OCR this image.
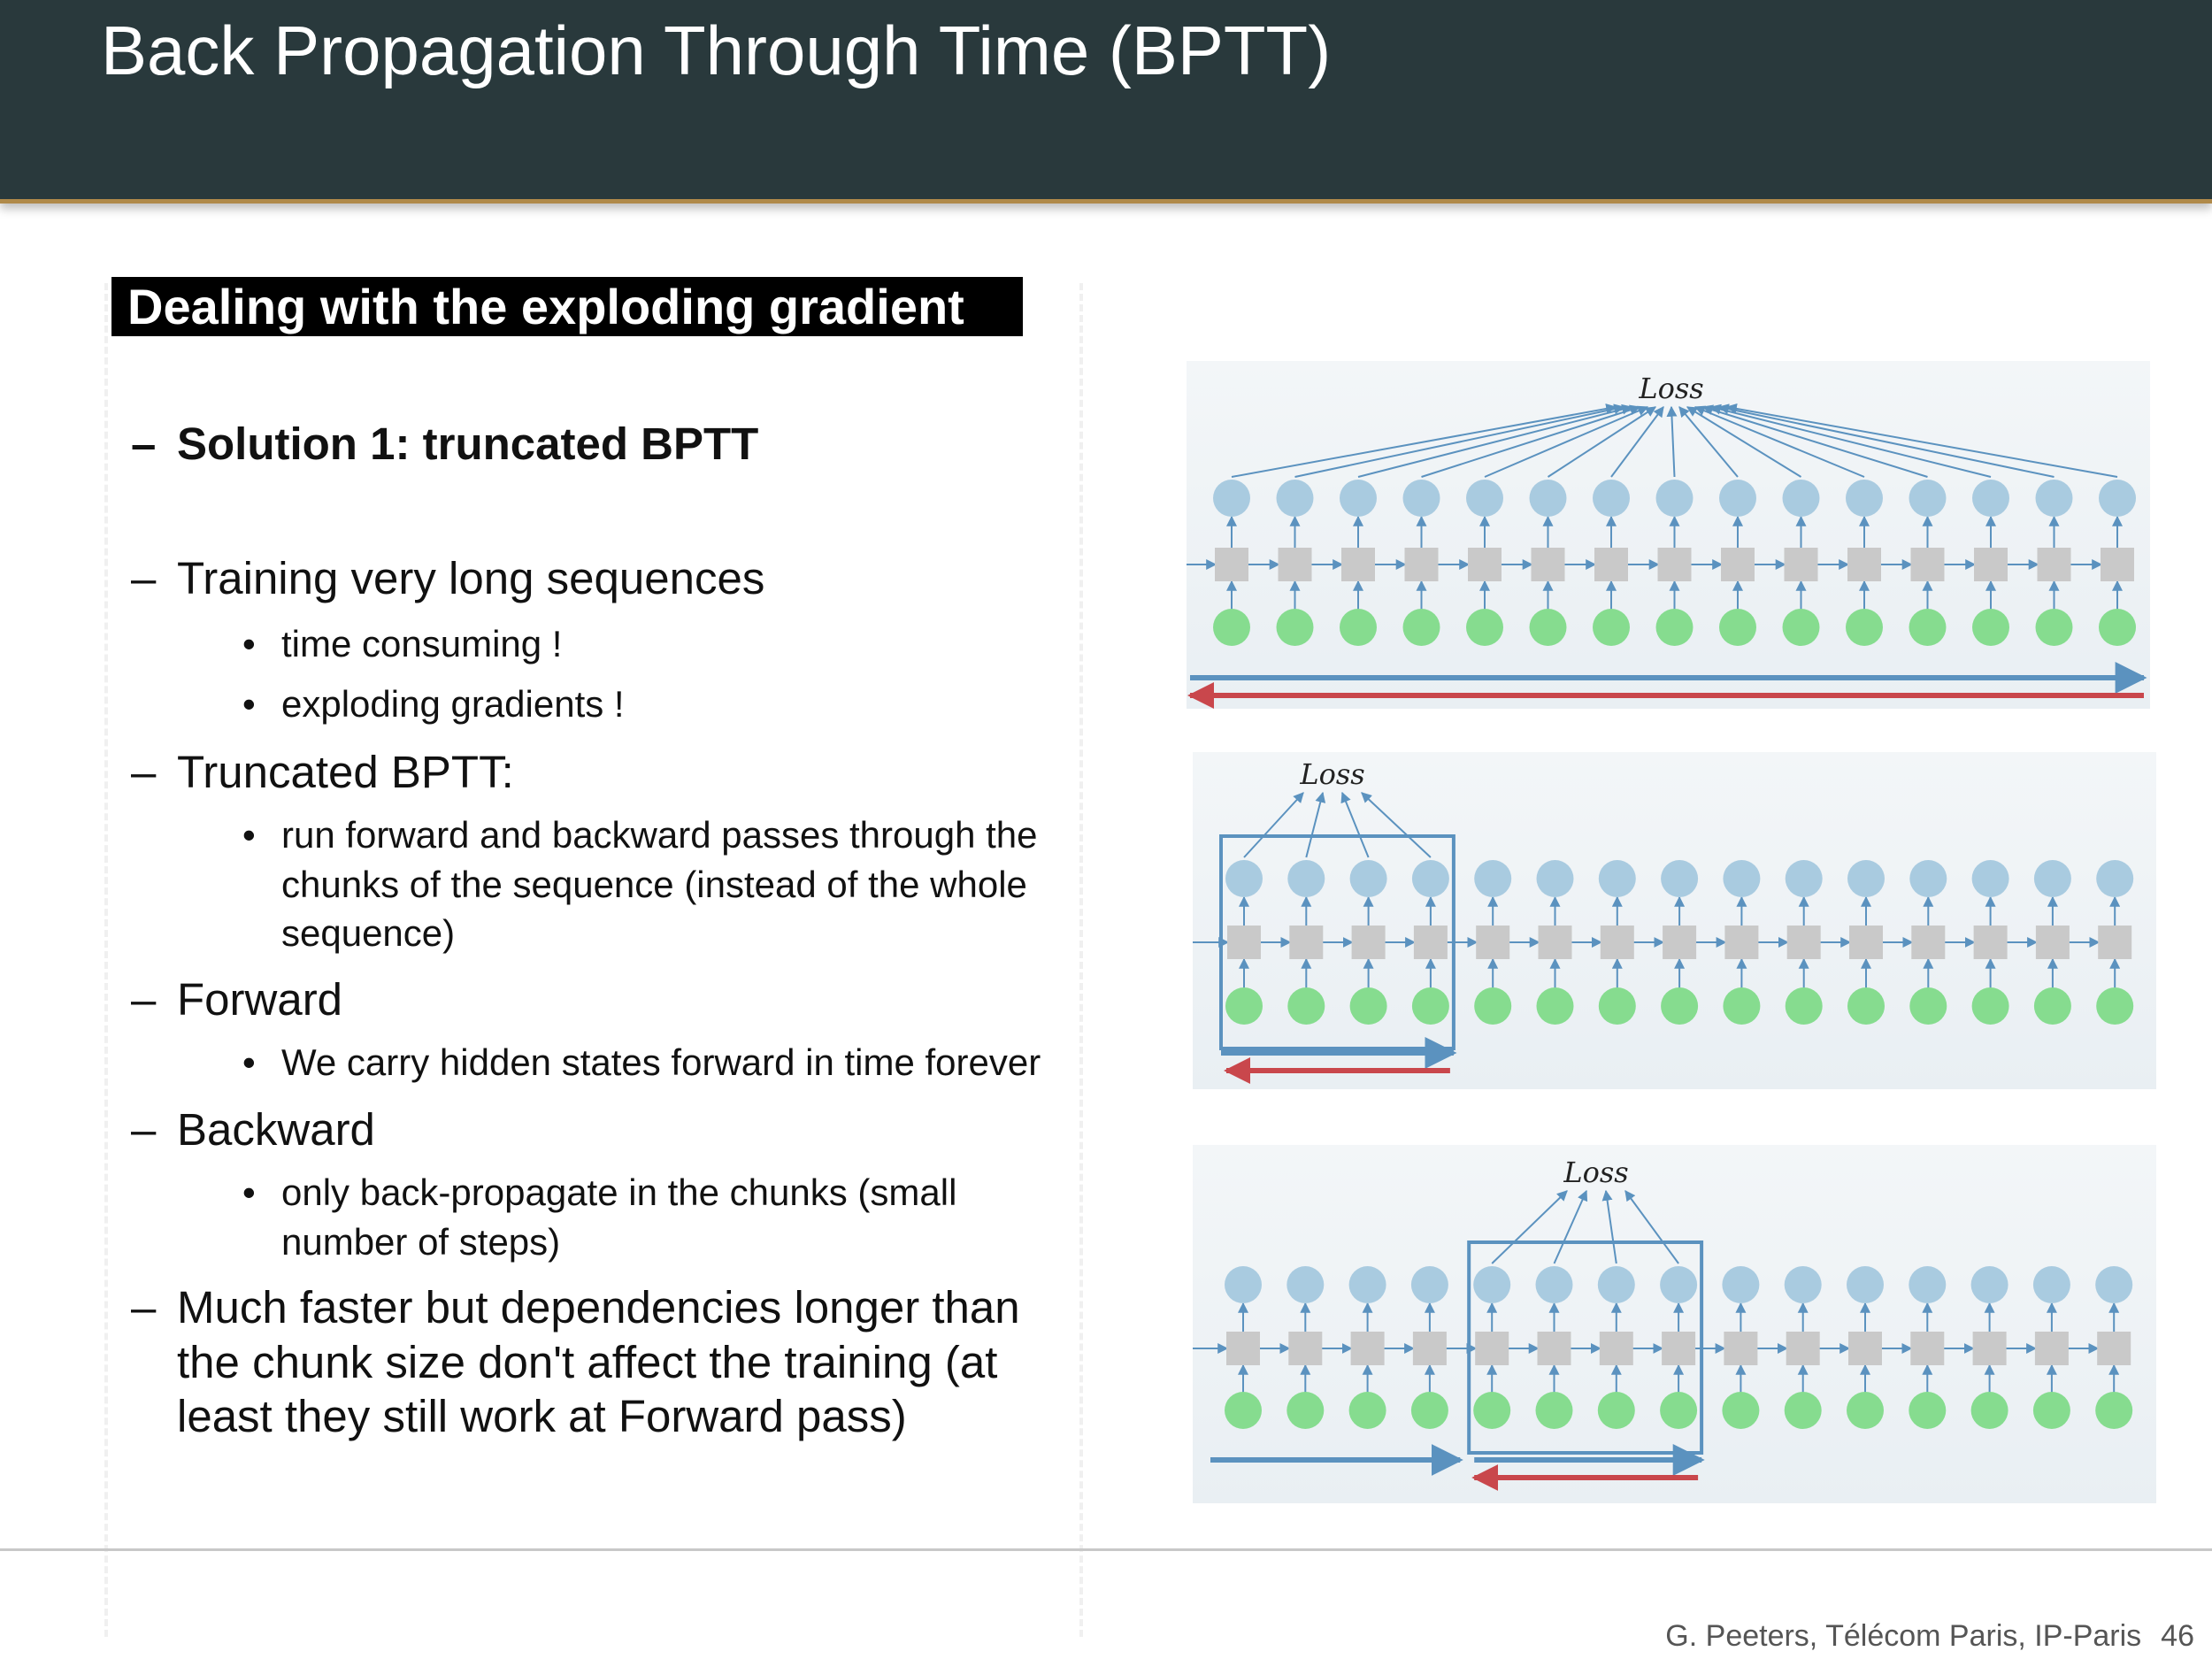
Back Propagation Through Time (BPTT)
Dealing with the exploding gradient
– Solution 1: truncated BPTT
– Training very long sequences
• time consuming !
• exploding gradients !
– Truncated BPTT:
• run forward and backward passes through the
chunks of the sequence (instead of the whole
sequence)
– Forward
• We carry hidden states forward in time forever
– Backward
• only back-propagate in the chunks (small
number of steps)
– Much faster but dependencies longer than
the chunk size don't affect the training (at
least they still work at Forward pass)
Loss
Loss
Loss
G. Peeters, Télécom Paris, IP-Paris 46
